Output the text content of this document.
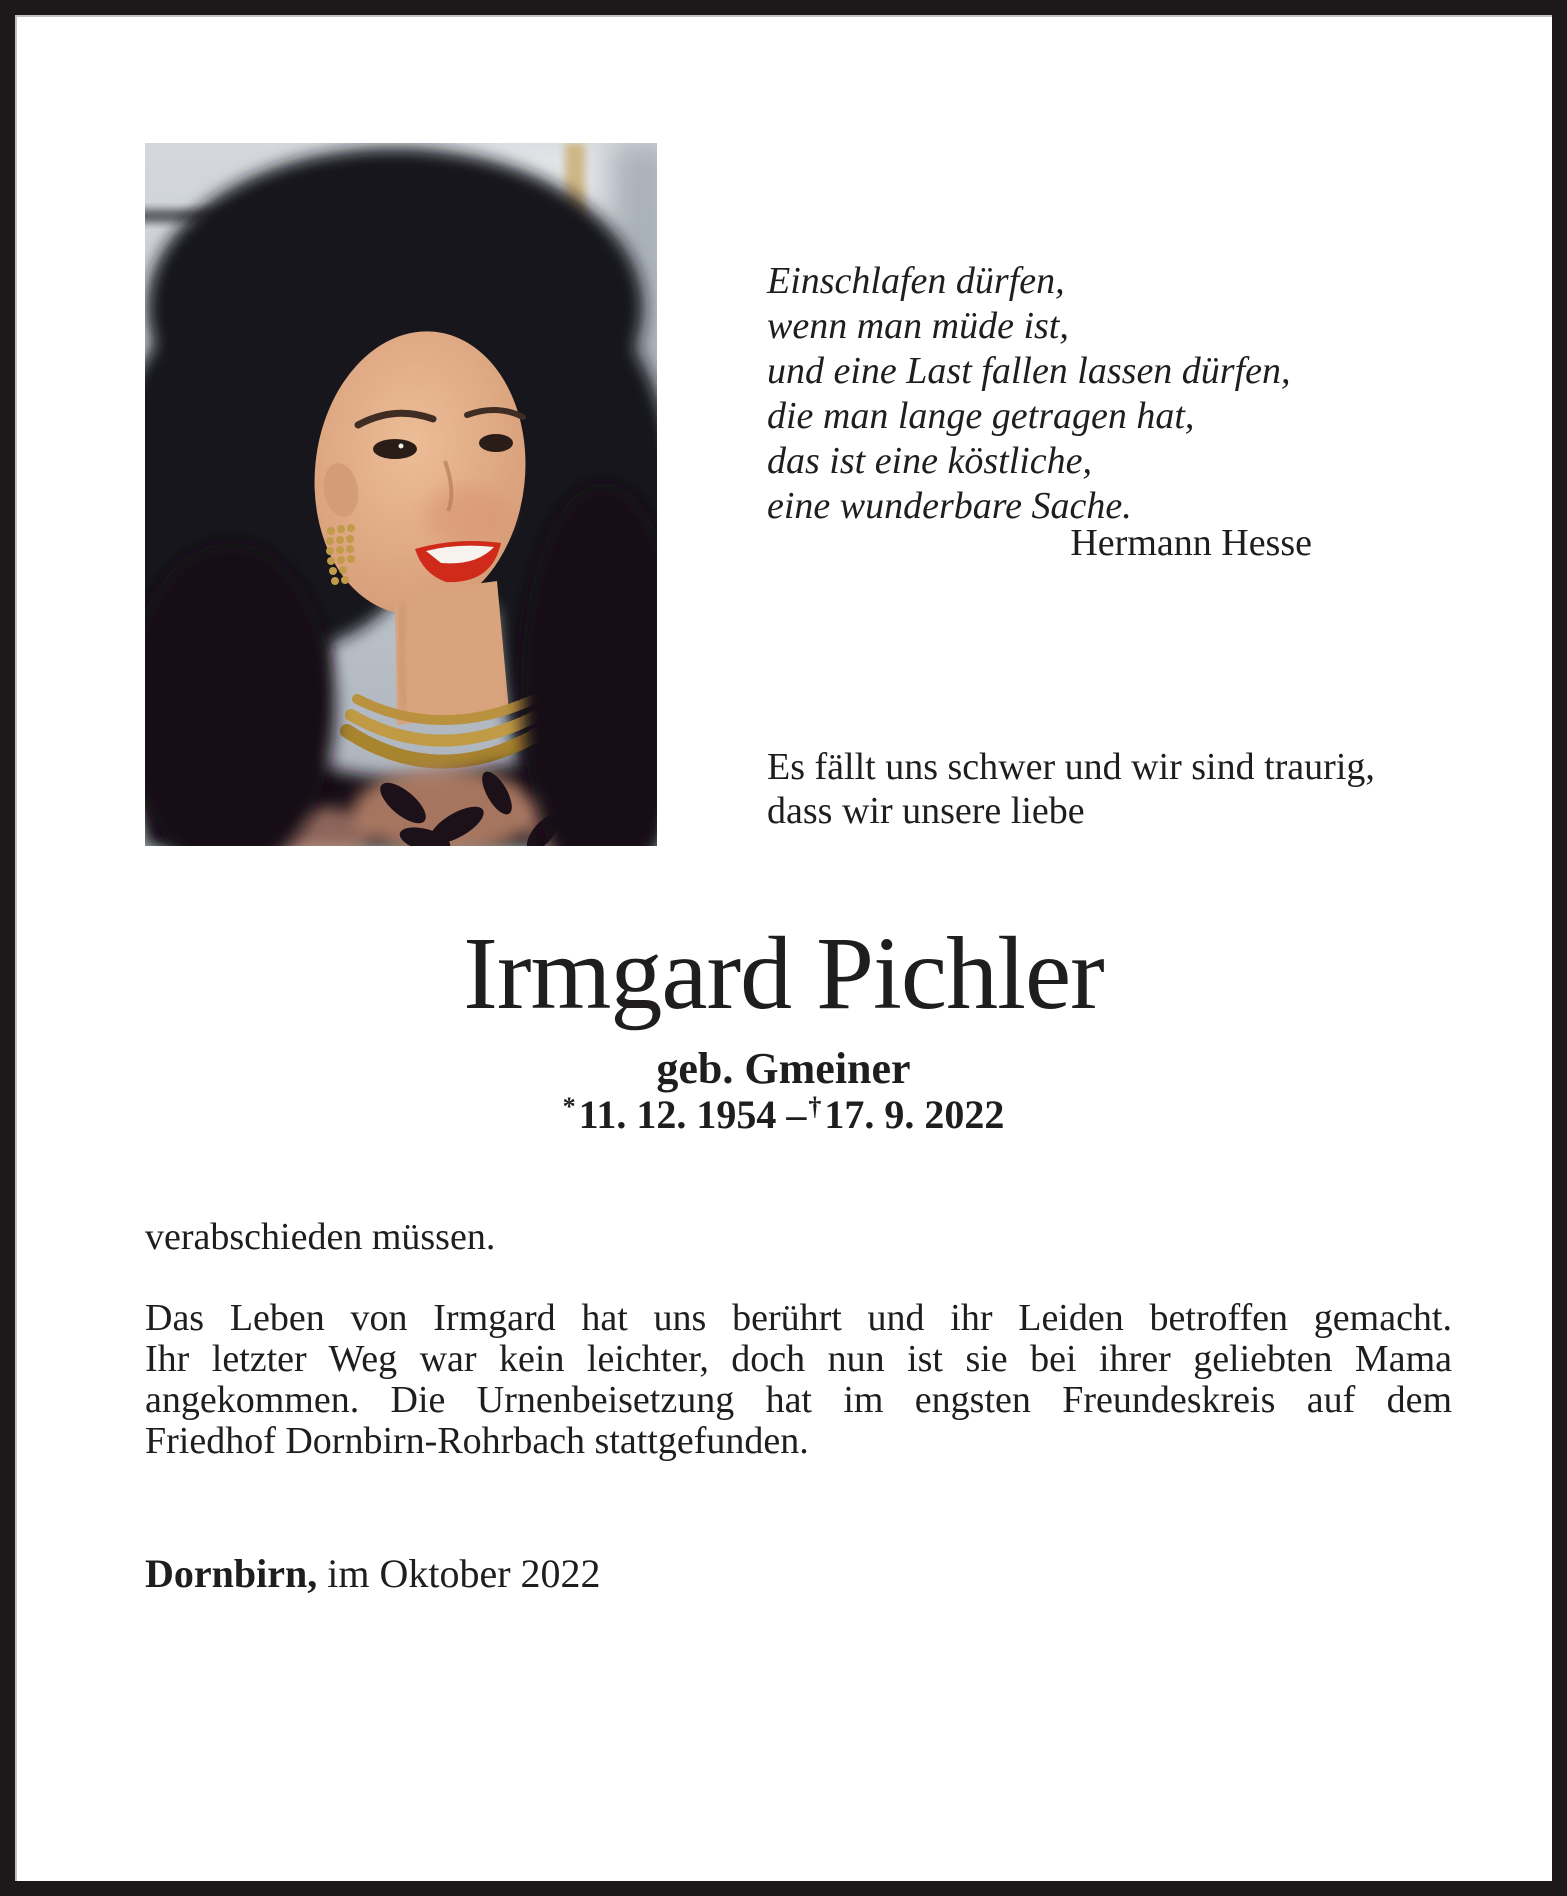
Einschlafen dürfen,
wenn man müde ist,
und eine Last fallen lassen dürfen,
die man lange getragen hat,
das ist eine köstliche,
eine wunderbare Sache.
Hermann Hesse
Es fällt uns schwer und wir sind traurig,
dass wir unsere liebe
Irmgard Pichler
geb. Gmeiner
*11. 12. 1954 –†17. 9. 2022
verabschieden müssen.
Das Leben von Irmgard hat uns berührt und ihr Leiden betroffen gemacht.
Ihr letzter Weg war kein leichter, doch nun ist sie bei ihrer geliebten Mama
angekommen. Die Urnenbeisetzung hat im engsten Freundeskreis auf dem
Friedhof Dornbirn-Rohrbach stattgefunden.
Dornbirn, im Oktober 2022
